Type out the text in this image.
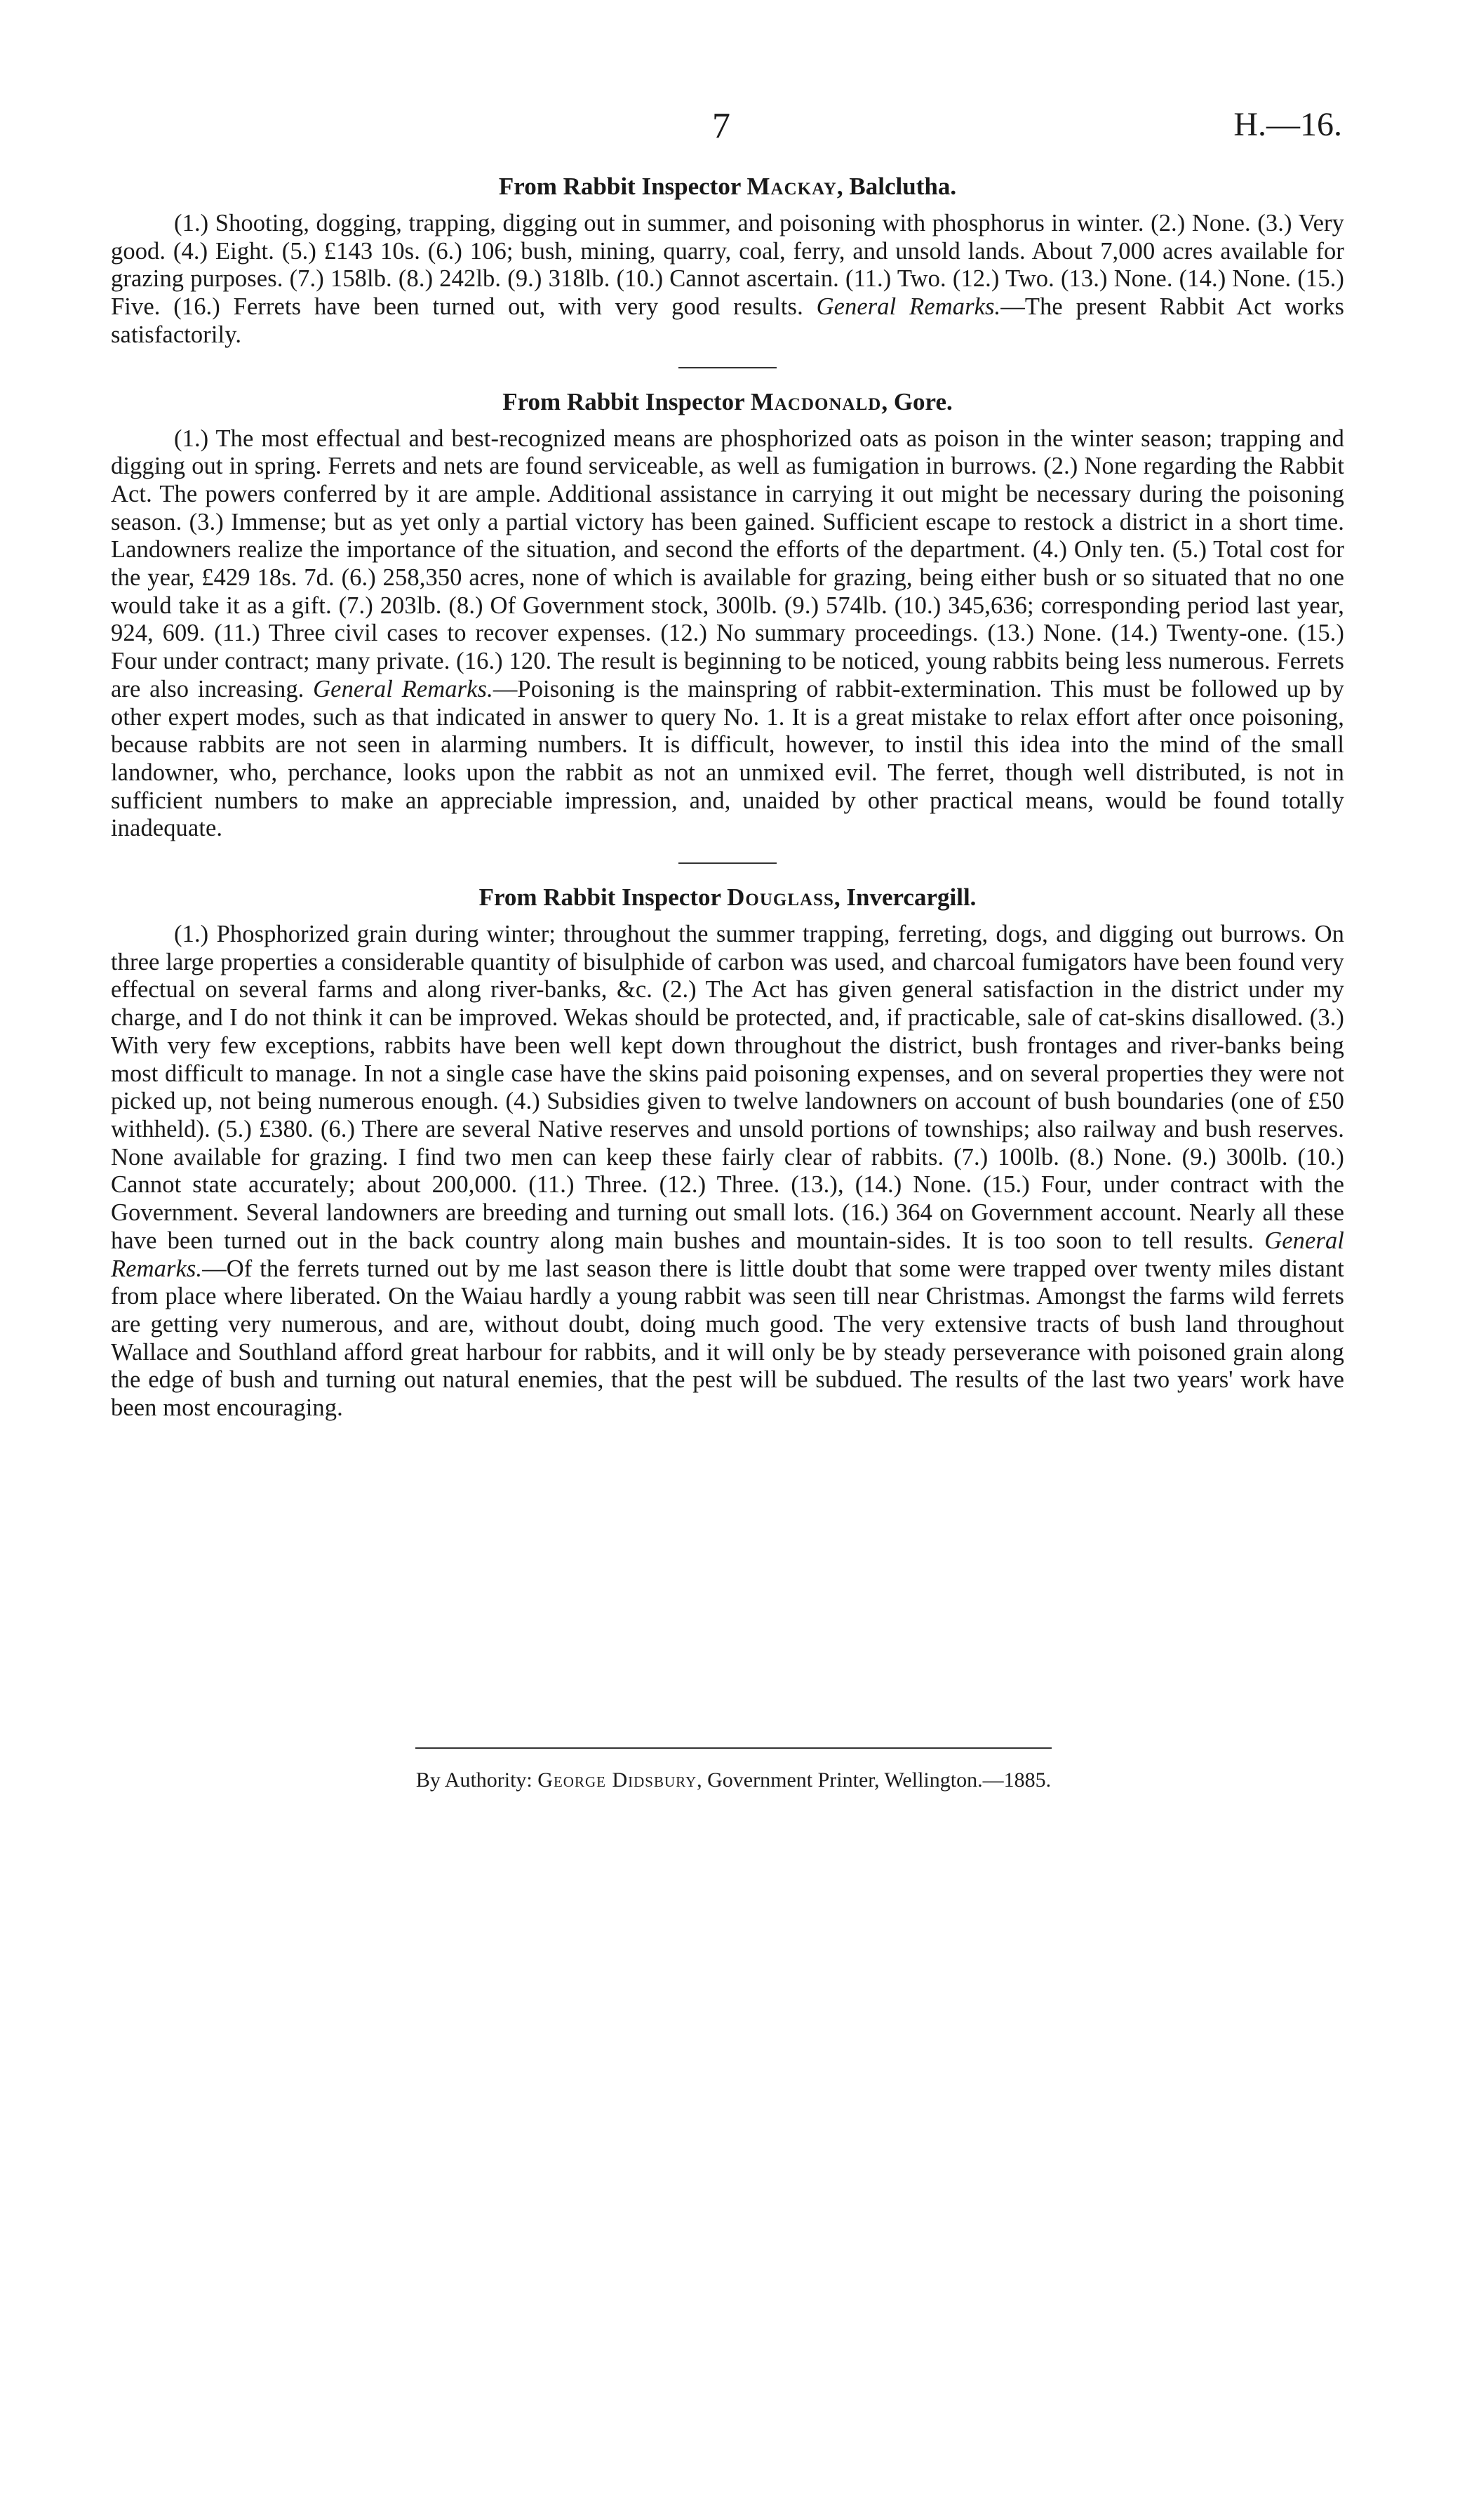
7	H.—16.
From Rabbit Inspector Mackay, Balclutha.

(1.) Shooting, dogging, trapping, digging out in summer, and poisoning with phosphorus in winter. (2.) None. (3.) Very good. (4.) Eight. (5.) £143 10s. (6.) 106; bush, mining, quarry, coal, ferry, and unsold lands. About 7,000 acres available for grazing purposes. (7.) 158lb. (8.) 242lb. (9.) 318lb. (10.) Cannot ascertain. (11.) Two. (12.) Two. (13.) None. (14.) None. (15.) Five. (16.) Ferrets have been turned out, with very good results. General Remarks.—The present Rabbit Act works satisfactorily.

From Rabbit Inspector Macdonald, Gore.

(1.) The most effectual and best-recognized means are phosphorized oats as poison in the winter season; trapping and digging out in spring. Ferrets and nets are found serviceable, as well as fumigation in burrows. (2.) None regarding the Rabbit Act. The powers conferred by it are ample. Additional assistance in carrying it out might be necessary during the poisoning season. (3.) Immense; but as yet only a partial victory has been gained. Sufficient escape to restock a district in a short time. Landowners realize the importance of the situation, and second the efforts of the department. (4.) Only ten. (5.) Total cost for the year, £429 18s. 7d. (6.) 258,350 acres, none of which is available for grazing, being either bush or so situated that no one would take it as a gift. (7.) 203lb. (8.) Of Government stock, 300lb. (9.) 574lb. (10.) 345,636; corresponding period last year, 924, 609. (11.) Three civil cases to recover expenses. (12.) No summary proceedings. (13.) None. (14.) Twenty-one. (15.) Four under contract; many private. (16.) 120. The result is beginning to be noticed, young rabbits being less numerous. Ferrets are also increasing. General Remarks.—Poisoning is the mainspring of rabbit-extermination. This must be followed up by other expert modes, such as that indicated in answer to query No. 1. It is a great mistake to relax effort after once poisoning, because rabbits are not seen in alarming numbers. It is difficult, however, to instil this idea into the mind of the small landowner, who, perchance, looks upon the rabbit as not an unmixed evil. The ferret, though well distributed, is not in sufficient numbers to make an appreciable impression, and, unaided by other practical means, would be found totally inadequate.

From Rabbit Inspector Douglass, Invercargill.

(1.) Phosphorized grain during winter; throughout the summer trapping, ferreting, dogs, and digging out burrows. On three large properties a considerable quantity of bisulphide of carbon was used, and charcoal fumigators have been found very effectual on several farms and along river-banks, &c. (2.) The Act has given general satisfaction in the district under my charge, and I do not think it can be improved. Wekas should be protected, and, if practicable, sale of cat-skins disallowed. (3.) With very few exceptions, rabbits have been well kept down throughout the district, bush frontages and river-banks being most difficult to manage. In not a single case have the skins paid poisoning expenses, and on several properties they were not picked up, not being numerous enough. (4.) Subsidies given to twelve landowners on account of bush boundaries (one of £50 withheld). (5.) £380. (6.) There are several Native reserves and unsold portions of townships; also railway and bush reserves. None available for grazing. I find two men can keep these fairly clear of rabbits. (7.) 100lb. (8.) None. (9.) 300lb. (10.) Cannot state accurately; about 200,000. (11.) Three. (12.) Three. (13.), (14.) None. (15.) Four, under contract with the Government. Several landowners are breeding and turning out small lots. (16.) 364 on Government account. Nearly all these have been turned out in the back country along main bushes and mountain-sides. It is too soon to tell results. General Remarks.—Of the ferrets turned out by me last season there is little doubt that some were trapped over twenty miles distant from place where liberated. On the Waiau hardly a young rabbit was seen till near Christmas. Amongst the farms wild ferrets are getting very numerous, and are, without doubt, doing much good. The very extensive tracts of bush land throughout Wallace and Southland afford great harbour for rabbits, and it will only be by steady perseverance with poisoned grain along the edge of bush and turning out natural enemies, that the pest will be subdued. The results of the last two years' work have been most encouraging.

By Authority: George Didsbury, Government Printer, Wellington.—1885.
